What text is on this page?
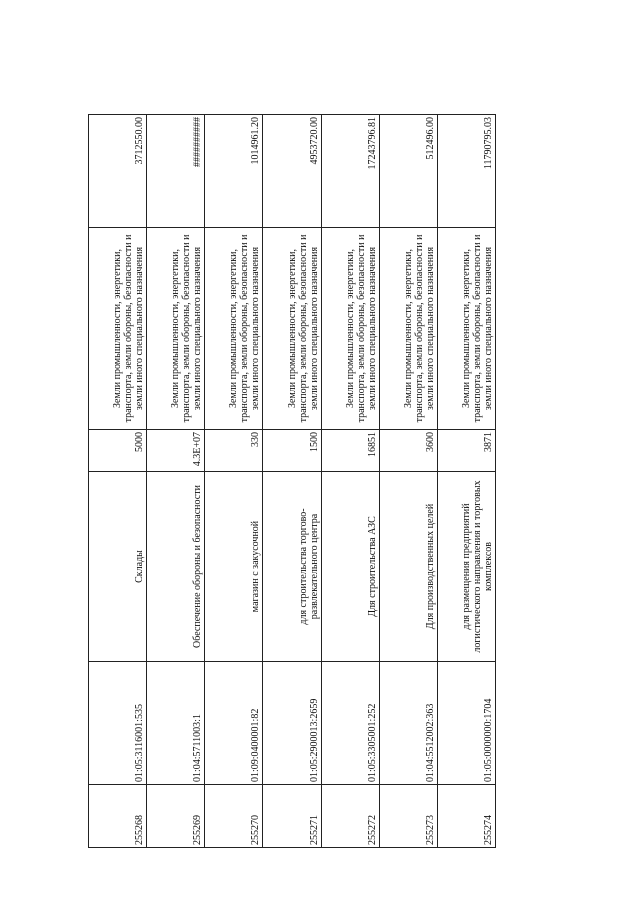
255268	01:05:3116001:535	Склады	5000	Земли промышленности, энергетики, транспорта, земли обороны, безопасности и земли иного специального назначения	3712550.00
255269	01:04:5711003:1	Обеспечение обороны и безопасности	4.3E+07	Земли промышленности, энергетики, транспорта, земли обороны, безопасности и земли иного специального назначения	##########
255270	01:09:0400001:82	магазин с закусочной	330	Земли промышленности, энергетики, транспорта, земли обороны, безопасности и земли иного специального назначения	1014961.20
255271	01:05:2900013:2659	для строительства торгово-развлекательного центра	1500	Земли промышленности, энергетики, транспорта, земли обороны, безопасности и земли иного специального назначения	4953720.00
255272	01:05:3305001:252	Для строительства АЗС	16851	Земли промышленности, энергетики, транспорта, земли обороны, безопасности и земли иного специального назначения	17243796.81
255273	01:04:5512002:363	Для производственных целей	3600	Земли промышленности, энергетики, транспорта, земли обороны, безопасности и земли иного специального назначения	512496.00
255274	01:05:0000000:1704	для размещения предприятий логистического направления и торговых комплексов	3871	Земли промышленности, энергетики, транспорта, земли обороны, безопасности и земли иного специального назначения	11790795.03
